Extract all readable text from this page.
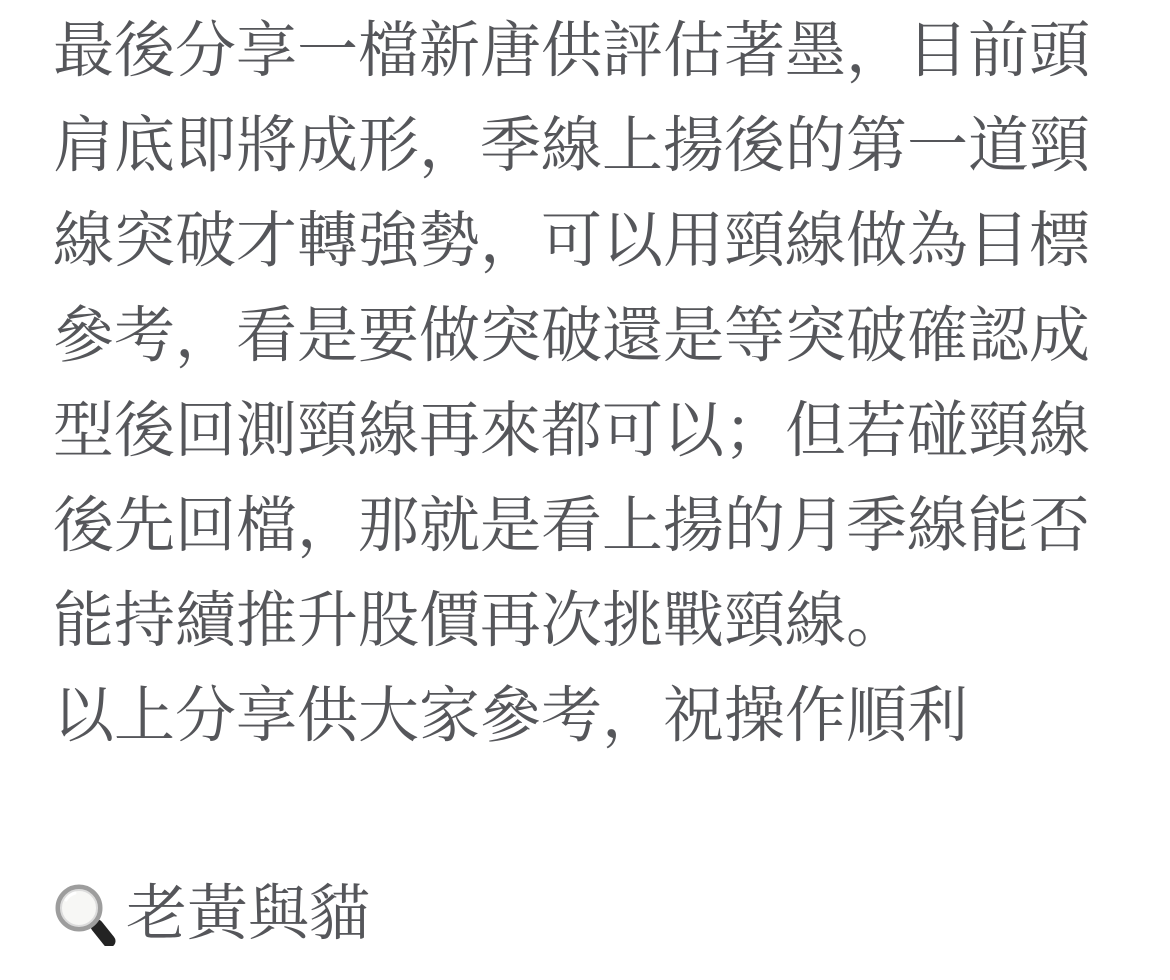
最後分享一檔新唐供評估著墨，目前頭
肩底即將成形，季線上揚後的第一道頸
線突破才轉強勢，可以用頸線做為目標
參考，看是要做突破還是等突破確認成
型後回測頸線再來都可以；但若碰頸線
後先回檔，那就是看上揚的月季線能否
能持續推升股價再次挑戰頸線。
以上分享供大家參考，祝操作順利
老黃與貓
